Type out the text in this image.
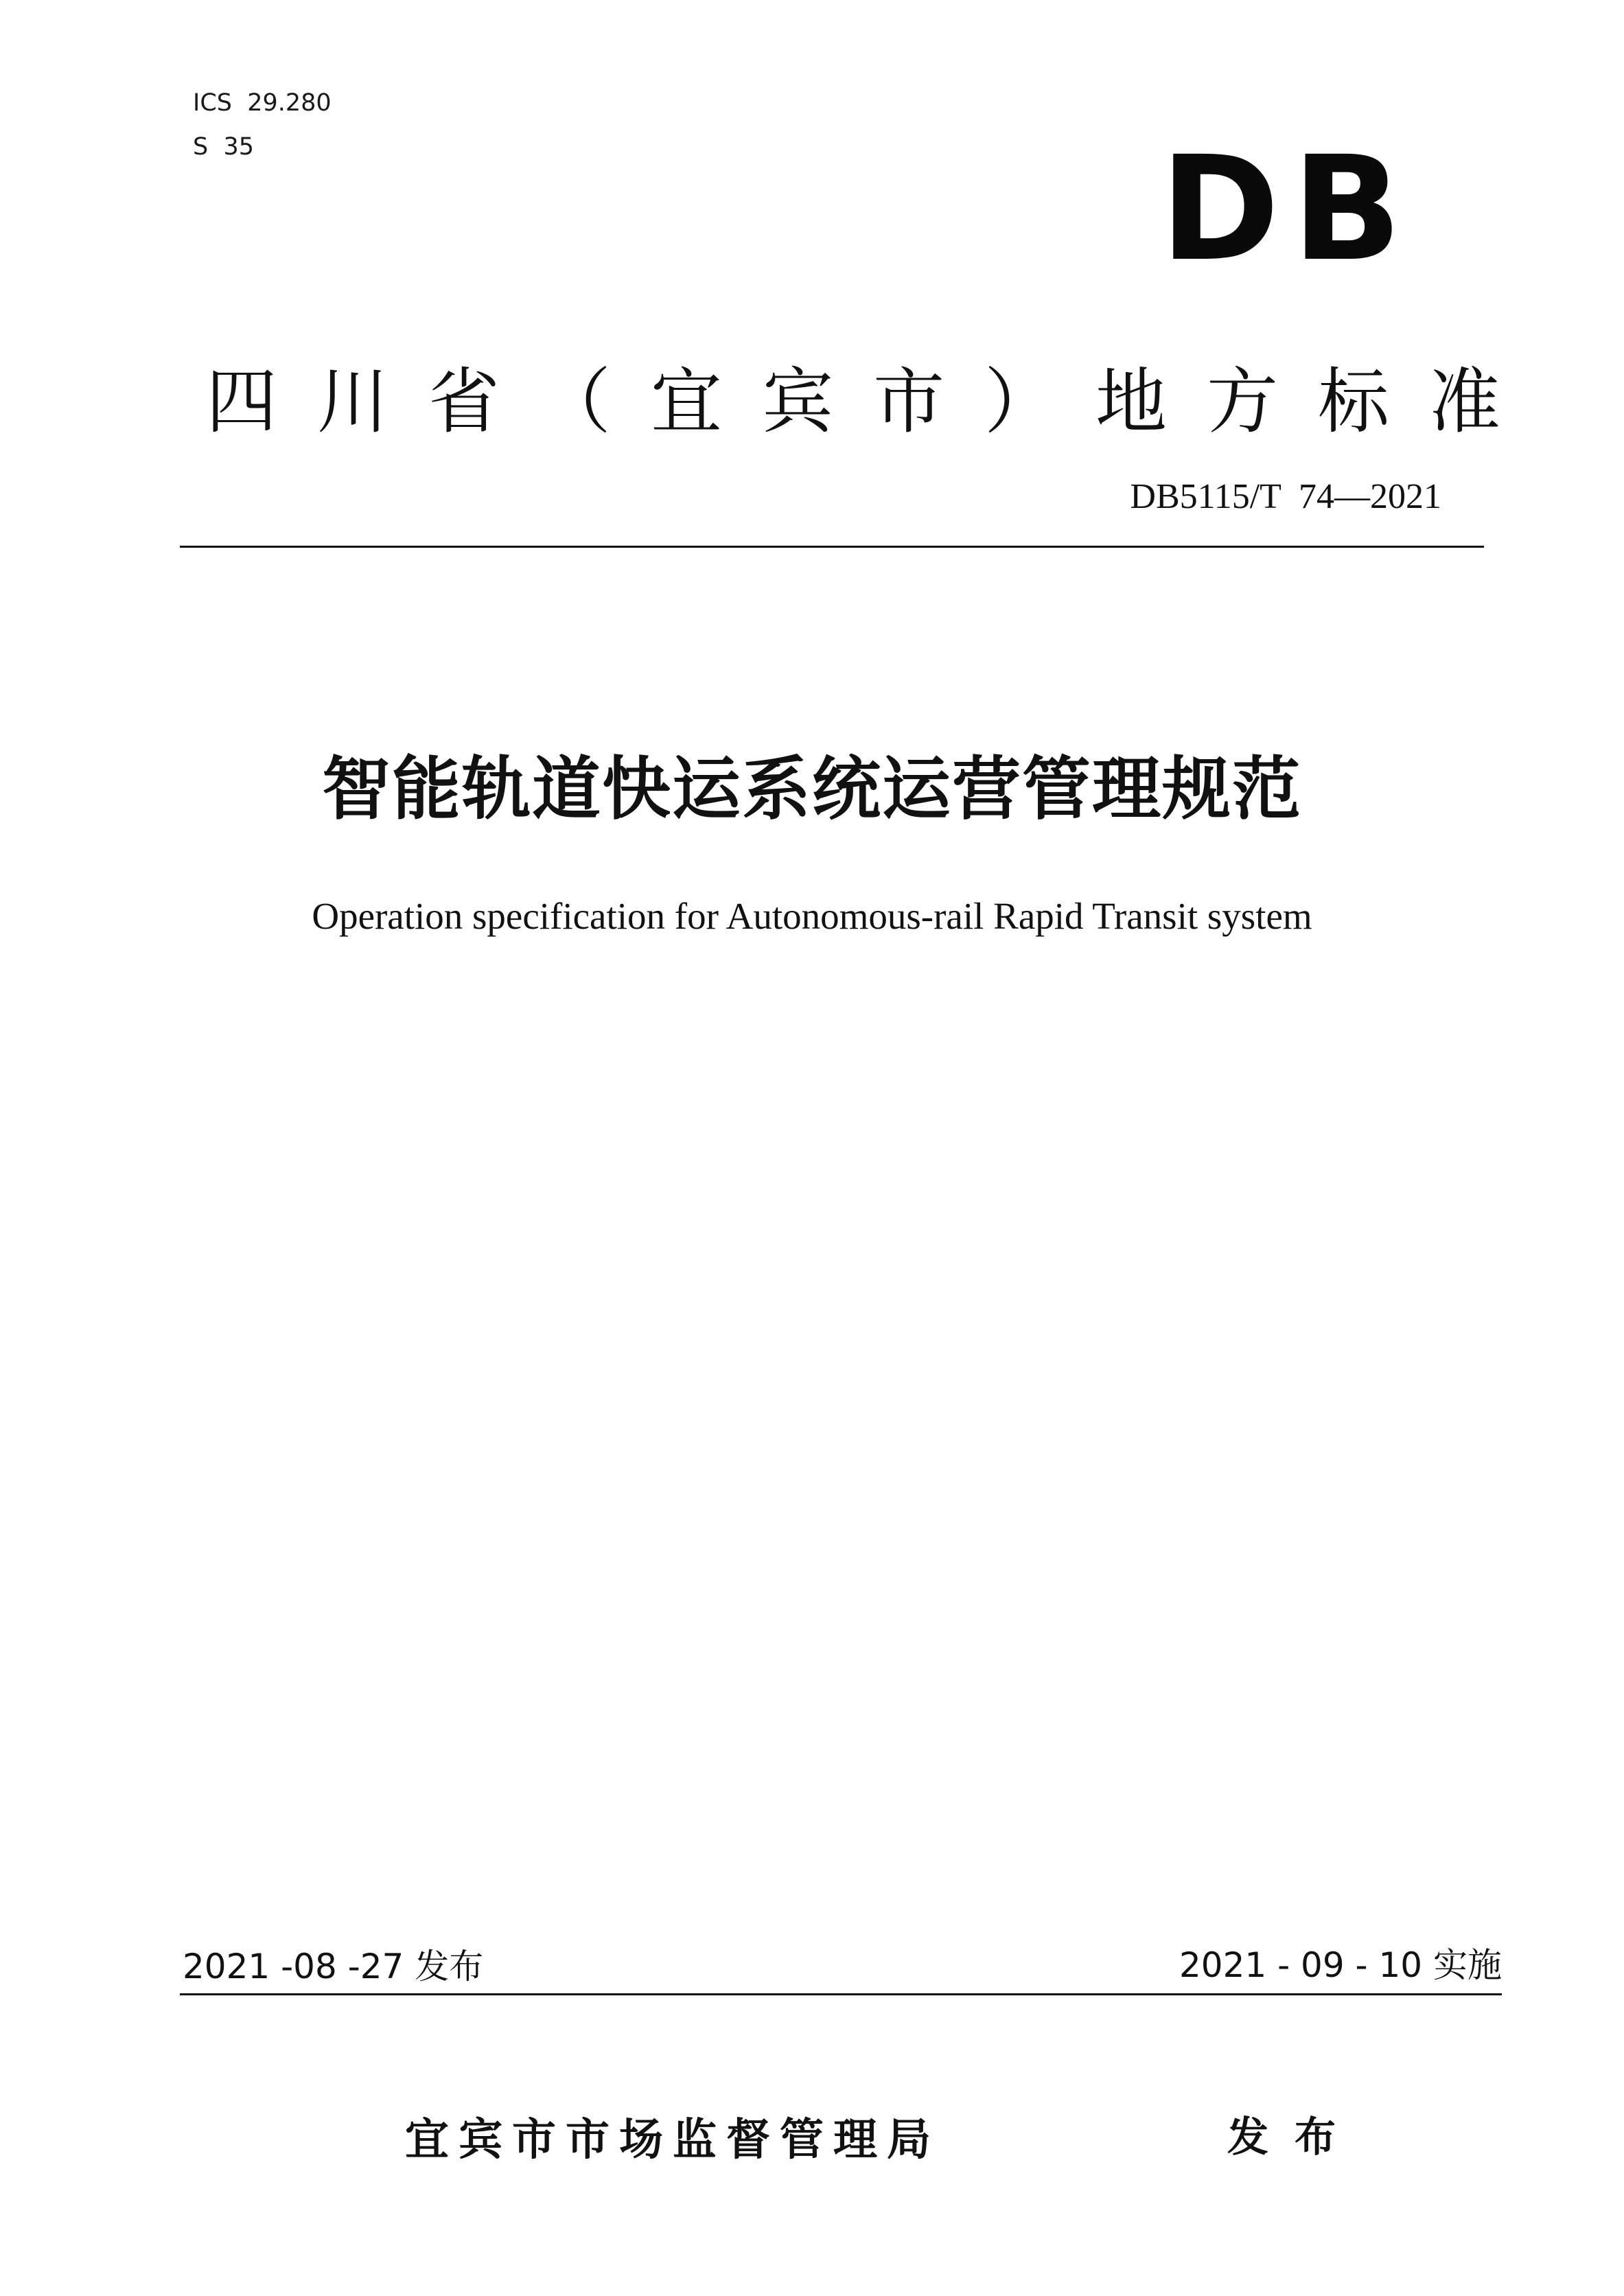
ICS  29.280
S  35	DB
四川省（宜宾市）地方标准
DB5115/T  74—2021
智能轨道快运系统运营管理规范
Operation specification for Autonomous-rail Rapid Transit system
2021 -08 -27 发布	2021 - 09 - 10 实施
宜宾市市场监督管理局	发布
